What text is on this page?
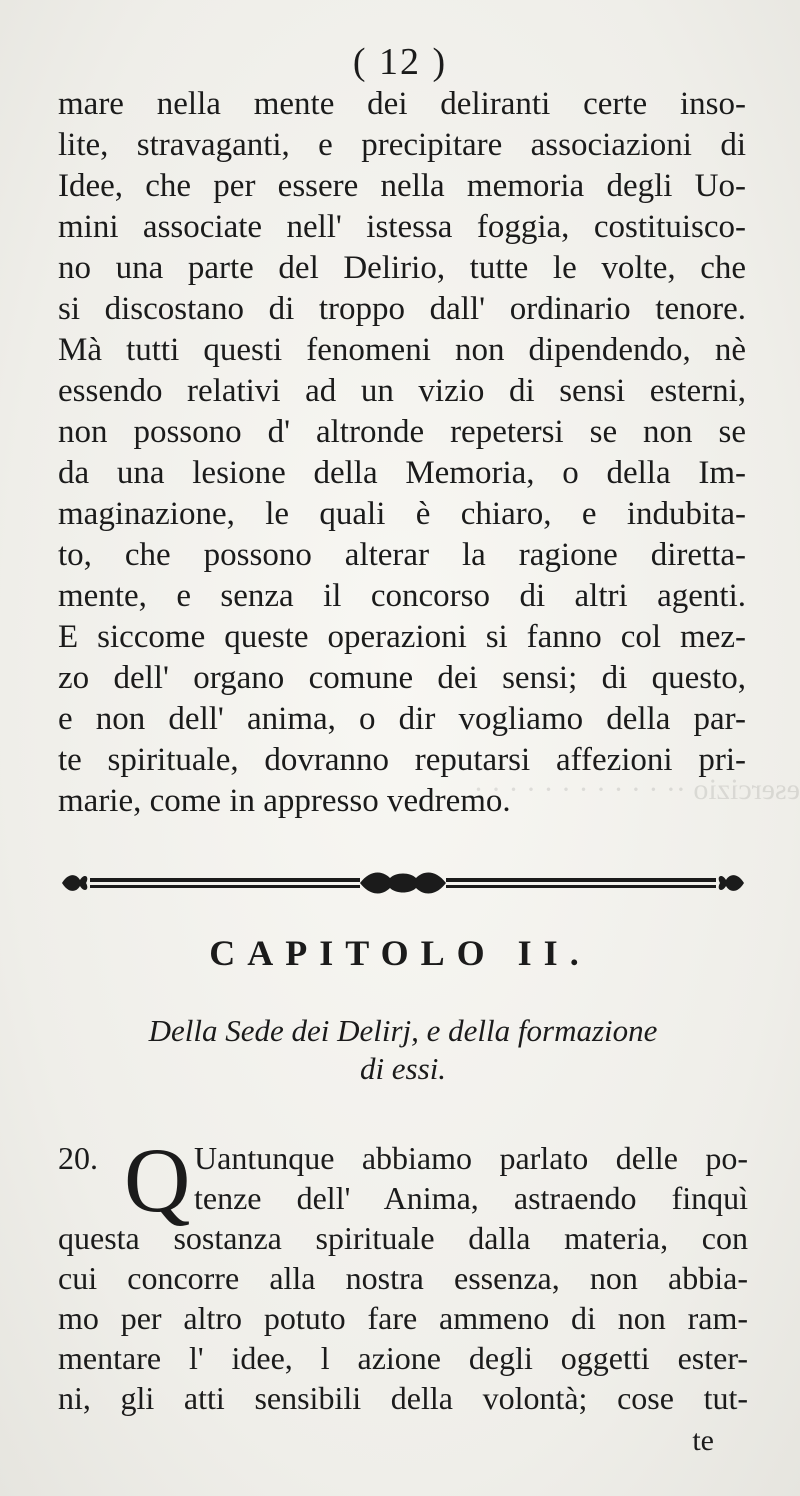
esercizio ·· · · · · · · · · · · ·
( 12 )
mare nella mente dei deliranti certe inso-
lite, stravaganti, e precipitare associazioni di
Idee, che per essere nella memoria degli Uo-
mini associate nell' istessa foggia, costituisco-
no una parte del Delirio, tutte le volte, che
si discostano di troppo dall' ordinario tenore.
Mà tutti questi fenomeni non dipendendo, nè
essendo relativi ad un vizio di sensi esterni,
non possono d' altronde repetersi se non se
da una lesione della Memoria, o della Im-
maginazione, le quali è chiaro, e indubita-
to, che possono alterar la ragione diretta-
mente, e senza il concorso di altri agenti.
E siccome queste operazioni si fanno col mez-
zo dell' organo comune dei sensi; di questo,
e non dell' anima, o dir vogliamo della par-
te spirituale, dovranno reputarsi affezioni pri-
marie, come in appresso vedremo.
CAPITOLO II.
Della Sede dei Delirj, e della formazione
di essi.
20. Q Uantunque abbiamo parlato delle po-
tenze dell' Anima, astraendo finquì
questa sostanza spirituale dalla materia, con
cui concorre alla nostra essenza, non abbia-
mo per altro potuto fare ammeno di non ram-
mentare l' idee, l azione degli oggetti ester-
ni, gli atti sensibili della volontà; cose tut-
te
